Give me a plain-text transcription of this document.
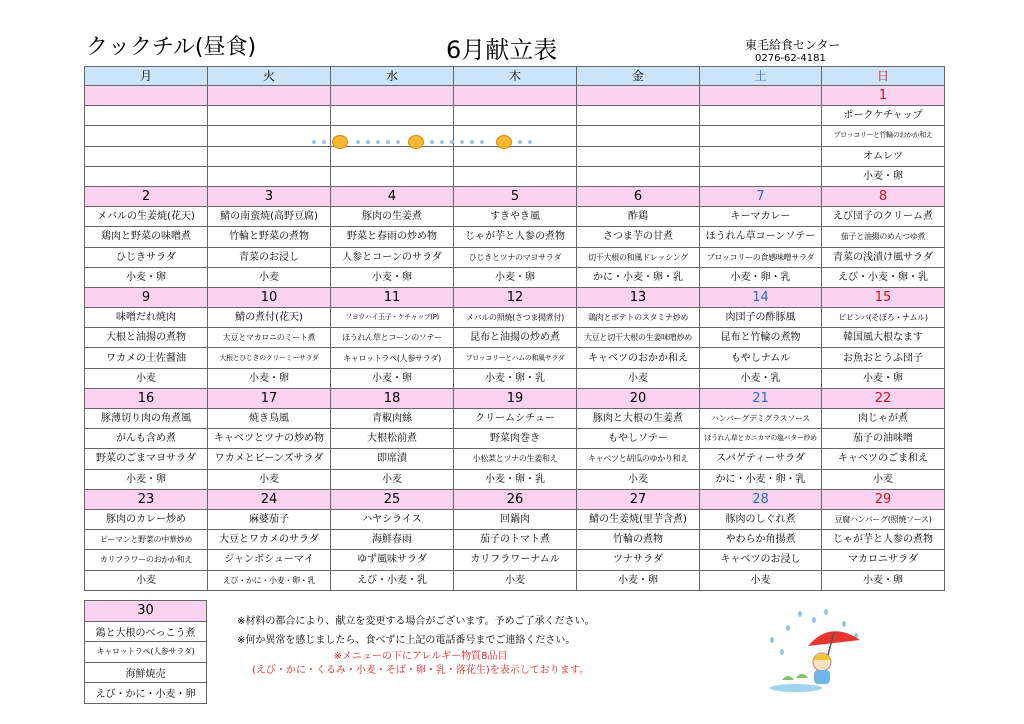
クックチル(昼食)	6月献立表	東毛給食センター
0276-62-4181
月	火	水	木	金	土	日
						1
						ポークケチャップ
						ブロッコリーと竹輪のおかか和え
						オムレツ
						小麦・卵
2	3	4	5	6	7	8
メバルの生姜焼(花天)	鯖の南蛮焼(高野豆腐)	豚肉の生姜煮	すきやき風	酢鶏	キーマカレー	えび団子のクリーム煮
鶏肉と野菜の味噌煮	竹輪と野菜の煮物	野菜と春雨の炒め物	じゃが芋と人参の煮物	さつま芋の甘煮	ほうれん草コーンソテー	茄子と油揚のめんつゆ煮
ひじきサラダ	青菜のお浸し	人参とコーンのサラダ	ひじきとツナのマヨサラダ	切干大根の和風ドレッシング	ブロッコリーの食感味噌サラダ	青菜の浅漬け風サラダ
小麦・卵	小麦	小麦・卵	小麦・卵	かに・小麦・卵・乳	小麦・卵・乳	えび・小麦・卵・乳
9	10	11	12	13	14	15
味噌だれ焼肉	鯖の煮付(花天)	フヨウハイ玉子・ケチャップ(P)	メバルの照焼(さつま揚煮付)	鶏肉とポテトのスタミナ炒め	肉団子の酢豚風	ビビンバ(そぼろ・ナムル)
大根と油揚の煮物	大豆とマカロニのミート煮	ほうれん草とコーンのソテー	昆布と油揚の炒め煮	大豆と切干大根の生姜味噌炒め	昆布と竹輪の煮物	韓国風大根なます
ワカメの土佐醤油	大根とひじきのクリーミーサラダ	キャロットラペ(人参サラダ)	ブロッコリーとハムの和風サラダ	キャベツのおかか和え	もやしナムル	お魚おとうふ団子
小麦	小麦・卵	小麦・卵	小麦・卵・乳	小麦	小麦・乳	小麦・卵
16	17	18	19	20	21	22
豚薄切り肉の角煮風	焼き鳥風	青椒肉絲	クリームシチュー	豚肉と大根の生姜煮	ハンバーグデミグラスソース	肉じゃが煮
がんも含め煮	キャベツとツナの炒め物	大根松前煮	野菜肉巻き	もやしソテー	ほうれん草とカニカマの塩バター炒め	茄子の油味噌
野菜のごまマヨサラダ	ワカメとビーンズサラダ	即席漬	小松菜とツナの生姜和え	キャベツと胡瓜のゆかり和え	スパゲティーサラダ	キャベツのごま和え
小麦・卵	小麦	小麦	小麦・卵・乳	小麦	かに・小麦・卵・乳	小麦
23	24	25	26	27	28	29
豚肉のカレー炒め	麻婆茄子	ハヤシライス	回鍋肉	鯖の生姜焼(里芋含煮)	豚肉のしぐれ煮	豆腐ハンバーグ(照焼ソース)
ピーマンと野菜の中華炒め	大豆とワカメのサラダ	海鮮春雨	茄子のトマト煮	竹輪の煮物	やわらか角揚煮	じゃが芋と人参の煮物
カリフラワーのおかか和え	ジャンボシューマイ	ゆず風味サラダ	カリフラワーナムル	ツナサラダ	キャベツのお浸し	マカロニサラダ
小麦	えび・かに・小麦・卵・乳	えび・小麦・乳	小麦	小麦・卵	小麦	小麦・卵
30
鶏と大根のべっこう煮
キャロットラペ(人参サラダ)
海鮮焼売
えび・かに・小麦・卵
※材料の都合により、献立を変更する場合がございます。予めご了承ください。
※何か異常を感じましたら、食べずに上記の電話番号までご連絡ください。
※メニューの下にアレルギー物質8品目
(えび・かに・くるみ・小麦・そば・卵・乳・落花生)を表示しております。
